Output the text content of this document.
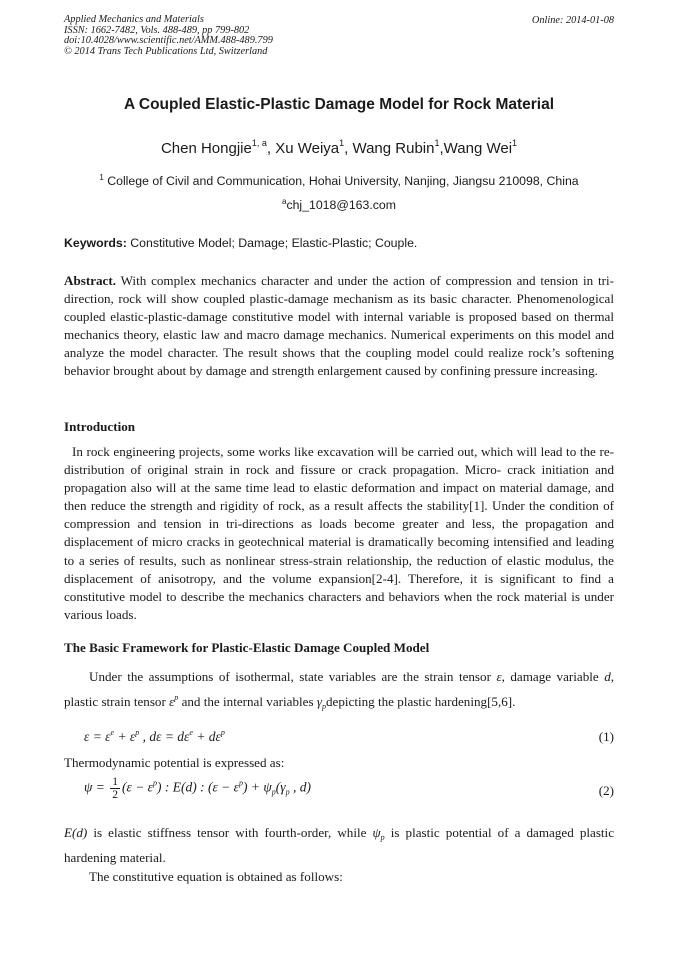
Applied Mechanics and Materials
ISSN: 1662-7482, Vols. 488-489, pp 799-802
doi:10.4028/www.scientific.net/AMM.488-489.799
© 2014 Trans Tech Publications Ltd, Switzerland
Online: 2014-01-08
A Coupled Elastic-Plastic Damage Model for Rock Material
Chen Hongjie$^{1, a}$, Xu Weiya$^1$, Wang Rubin$^1$,Wang Wei$^1$
$^1$ College of Civil and Communication, Hohai University, Nanjing, Jiangsu 210098, China
$^a$chj_1018@163.com
Keywords: Constitutive Model; Damage; Elastic-Plastic; Couple.

Abstract. With complex mechanics character and under the action of compression and tension in tri-direction, rock will show coupled plastic-damage mechanism as its basic character. Phenomenological coupled elastic-plastic-damage constitutive model with internal variable is proposed based on thermal mechanics theory, elastic law and macro damage mechanics. Numerical experiments on this model and analyze the model character. The result shows that the coupling model could realize rock’s softening behavior brought about by damage and strength enlargement caused by confining pressure increasing.

Introduction

In rock engineering projects, some works like excavation will be carried out, which will lead to the re-distribution of original strain in rock and fissure or crack propagation. Micro- crack initiation and propagation also will at the same time lead to elastic deformation and impact on material damage, and then reduce the strength and rigidity of rock, as a result affects the stability[1]. Under the condition of compression and tension in tri-directions as loads become greater and less, the propagation and displacement of micro cracks in geotechnical material is dramatically becoming intensified and leading to a series of results, such as nonlinear stress-strain relationship, the reduction of elastic modulus, the displacement of anisotropy, and the volume expansion[2-4]. Therefore, it is significant to find a constitutive model to describe the mechanics characters and behaviors when the rock material is under various loads.

The Basic Framework for Plastic-Elastic Damage Coupled Model

Under the assumptions of isothermal, state variables are the strain tensor ε, damage variable d, plastic strain tensor $\varepsilon^p$ and the internal variables $\gamma_pdepicting$ the plastic hardening[5,6].

$\varepsilon = \varepsilon^e + \varepsilon^p$ , $d\varepsilon = d\varepsilon^e + d\varepsilon^p$	(1)
Thermodynamic potential is expressed as:
$\psi = \frac{1}{2} (\varepsilon - \varepsilon^p)$ : E(d) : $(\varepsilon - \varepsilon^p) + \psi_p(\gamma_p$ , d)	(2)

E(d) is elastic stiffness tensor with fourth-order, while $\psi_p$ is plastic potential of a damaged plastic hardening material.

The constitutive equation is obtained as follows:
